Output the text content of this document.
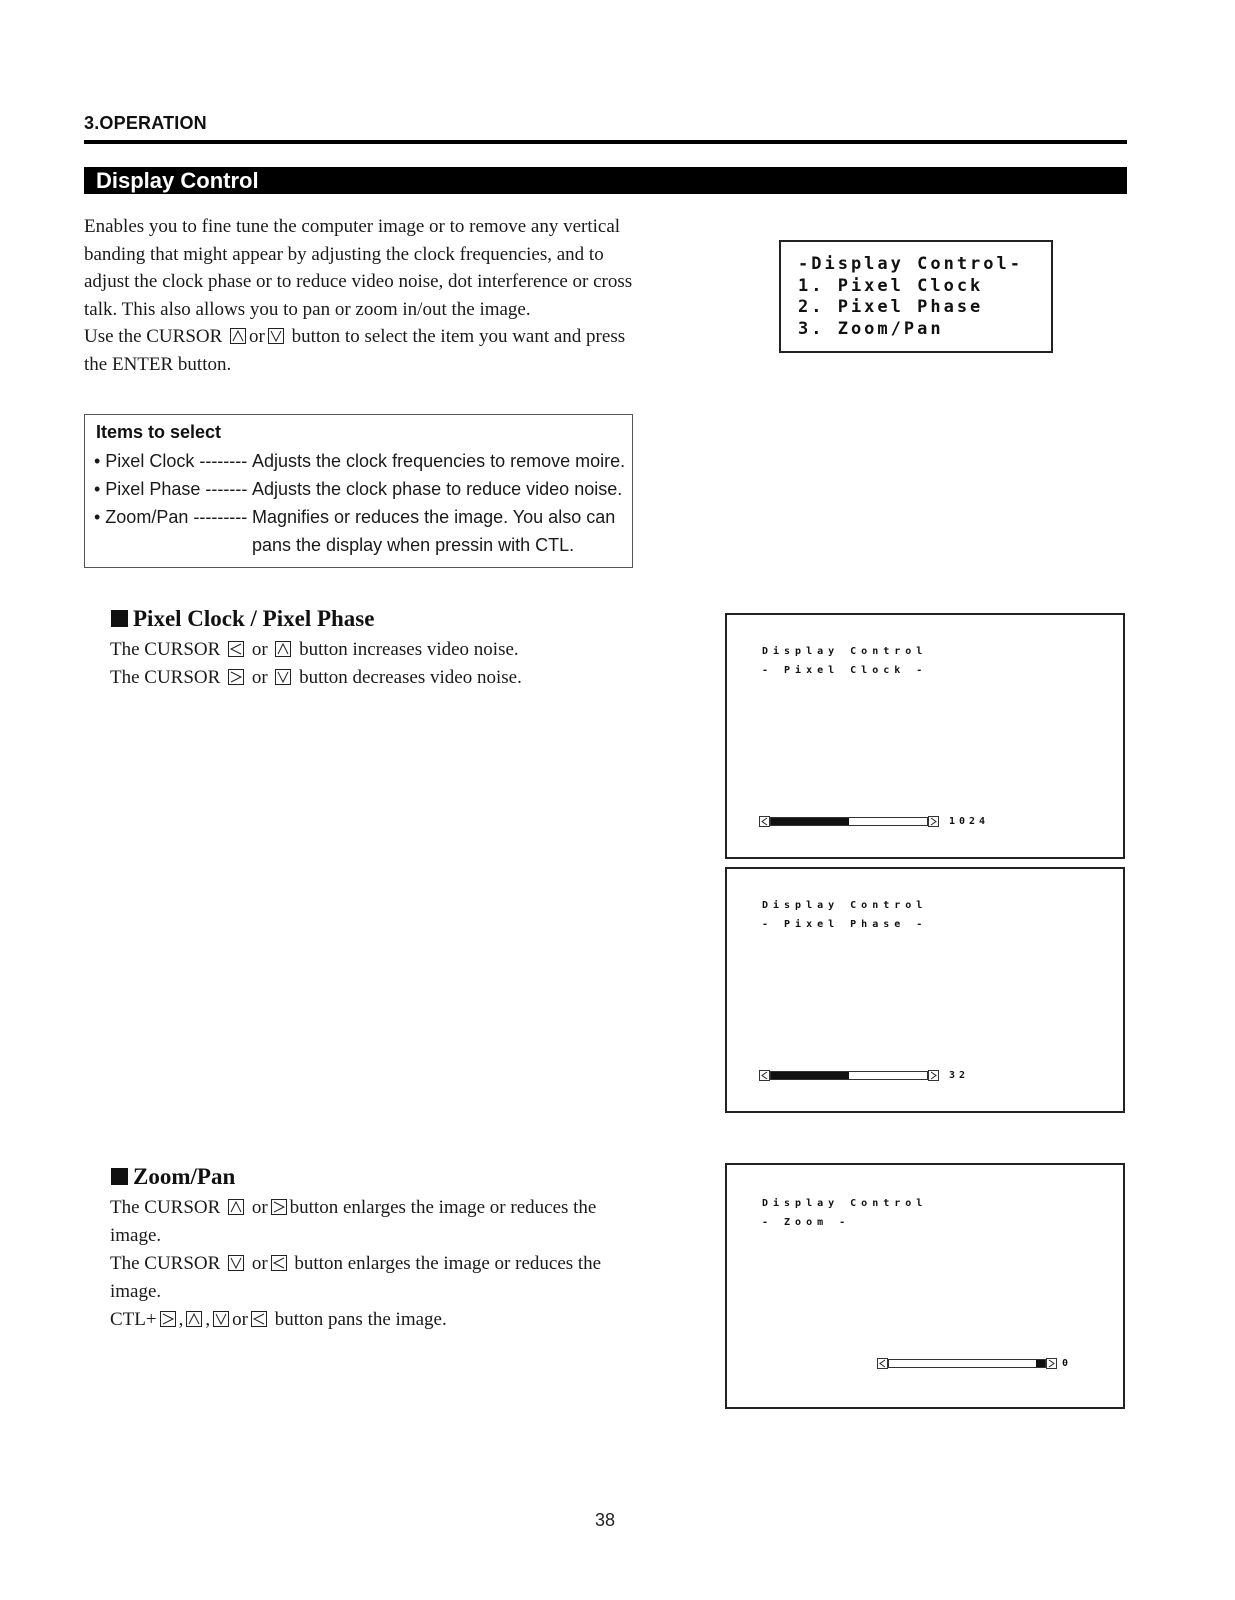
3.OPERATION
Display Control

Enables you to fine tune the computer image or to remove any vertical banding that might appear by adjusting the clock frequencies, and to adjust the clock phase or to reduce video noise, dot interference or cross talk. This also allows you to pan or zoom in/out the image.

Use the CURSOR or button to select the item you want and press the ENTER button.

Items to select
• Pixel Clock -------- Adjusts the clock frequencies to remove moire.
• Pixel Phase ------- Adjusts the clock phase to reduce video noise.
• Zoom/Pan --------- Magnifies or reduces the image. You also can
pans the display when pressin with CTL.
-Display Control-
1. Pixel Clock
2. Pixel Phase
3. Zoom/Pan
Pixel Clock / Pixel Phase

The CURSOR or button increases video noise.

The CURSOR or button decreases video noise.

Display Control
- Pixel Clock -
1024
Display Control
- Pixel Phase -
32
Zoom/Pan

The CURSOR or button enlarges the image or reduces the

image.

The CURSOR or button enlarges the image or reduces the

image.

CTL+ , , or button pans the image.

Display Control
- Zoom -
0
38
